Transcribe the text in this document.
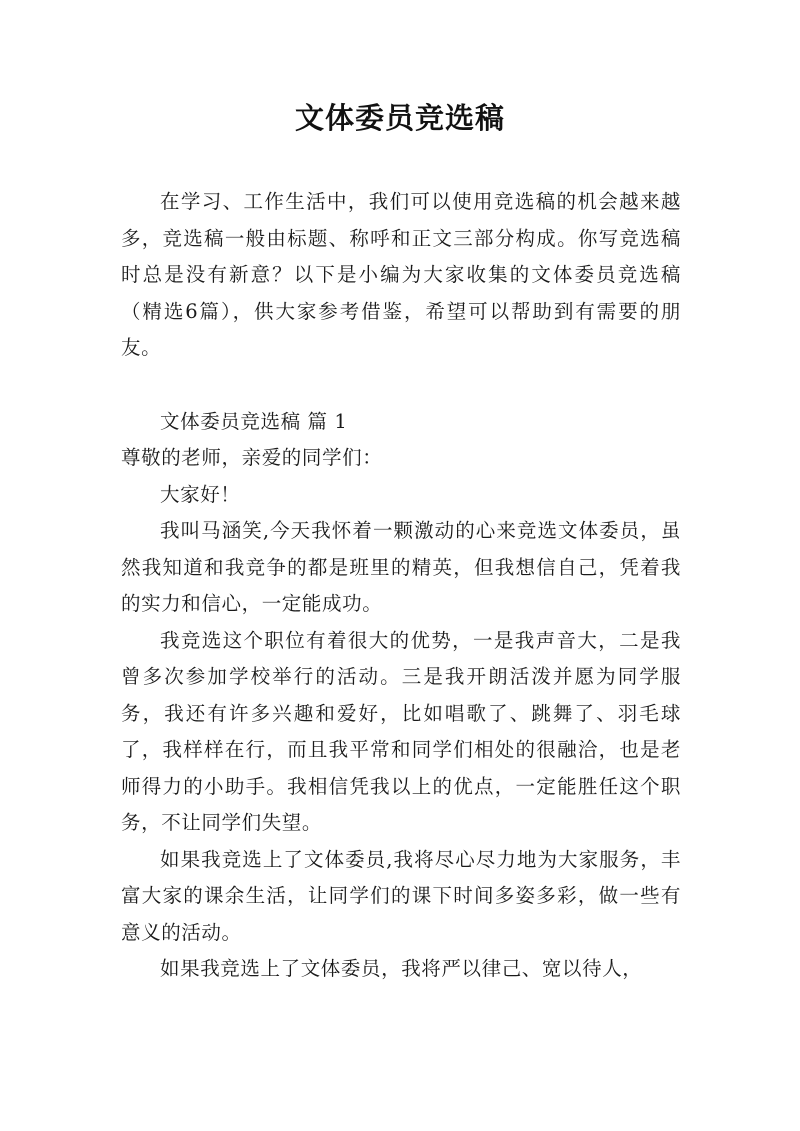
文体委员竞选稿

在学习、工作生活中，我们可以使用竞选稿的机会越来越多，竞选稿一般由标题、称呼和正文三部分构成。你写竞选稿时总是没有新意？以下是小编为大家收集的文体委员竞选稿（精选6篇），供大家参考借鉴，希望可以帮助到有需要的朋友。

文体委员竞选稿 篇 1

尊敬的老师，亲爱的同学们：

大家好！

我叫马涵笑,今天我怀着一颗激动的心来竞选文体委员，虽然我知道和我竞争的都是班里的精英，但我想信自己，凭着我的实力和信心，一定能成功。

我竞选这个职位有着很大的优势，一是我声音大，二是我曾多次参加学校举行的活动。三是我开朗活泼并愿为同学服务，我还有许多兴趣和爱好，比如唱歌了、跳舞了、羽毛球了，我样样在行，而且我平常和同学们相处的很融洽，也是老师得力的小助手。我相信凭我以上的优点，一定能胜任这个职务，不让同学们失望。

如果我竞选上了文体委员,我将尽心尽力地为大家服务，丰富大家的课余生活，让同学们的课下时间多姿多彩，做一些有意义的活动。

如果我竞选上了文体委员，我将严以律己、宽以待人，
